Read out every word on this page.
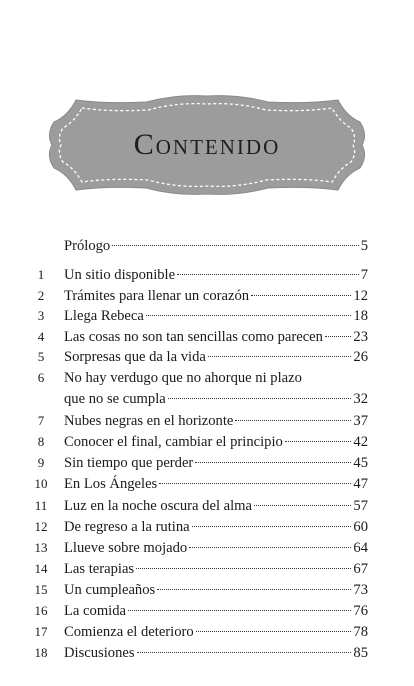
Contenido
Prólogo	5
1	Un sitio disponible	7
2	Trámites para llenar un corazón	12
3	Llega Rebeca	18
4	Las cosas no son tan sencillas como parecen 23
5	Sorpresas que da la vida	26
6	No hay verdugo que no ahorque ni plazo
que no se cumpla	32
7	Nubes negras en el horizonte	37
8	Conocer el final, cambiar el principio	42
9	Sin tiempo que perder	45
10	En Los Ángeles	47
11	Luz en la noche oscura del alma	57
12	De regreso a la rutina	60
13	Llueve sobre mojado	64
14	Las terapias	67
15	Un cumpleaños	73
16	La comida	76
17	Comienza el deterioro	78
18	Discusiones	85
